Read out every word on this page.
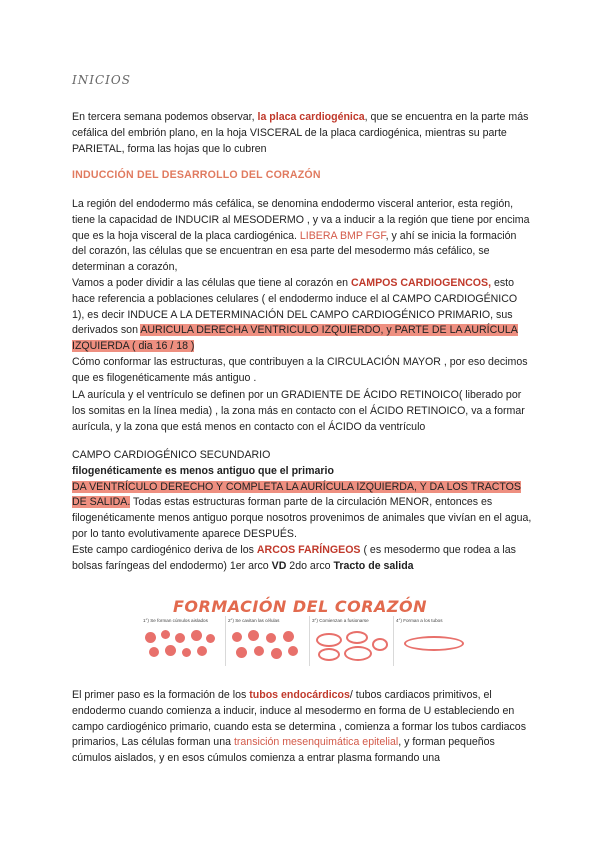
INICIOS
En tercera semana podemos observar, la placa cardiogénica, que se encuentra en la parte más cefálica del embrión plano, en la hoja VISCERAL de la placa cardiogénica, mientras su parte PARIETAL, forma las hojas que lo cubren
INDUCCIÓN DEL DESARROLLO DEL CORAZÓN
La región del endodermo más cefálica, se denomina endodermo visceral anterior, esta región, tiene la capacidad de INDUCIR al MESODERMO , y va a inducir a la región que tiene por encima que es la hoja visceral de la placa cardiogénica. LIBERA BMP FGF, y ahí se inicia la formación del corazón, las células que se encuentran en esa parte del mesodermo más cefálico, se determinan a corazón,
Vamos a poder dividir a las células que tiene al corazón en CAMPOS CARDIOGENCOS, esto hace referencia a poblaciones celulares ( el endodermo induce el al CAMPO CARDIOGÉNICO 1), es decir INDUCE A LA DETERMINACIÓN DEL CAMPO CARDIOGÉNICO PRIMARIO, sus derivados son AURICULA DERECHA VENTRICULO IZQUIERDO, y PARTE DE LA AURÍCULA IZQUIERDA ( dia 16 / 18 )
Cómo conformar las estructuras, que contribuyen a la CIRCULACIÓN MAYOR , por eso decimos que es filogenéticamente más antiguo .
LA aurícula y el ventrículo se definen por un GRADIENTE DE ÁCIDO RETINOICO( liberado por los somitas en la línea media) , la zona más en contacto con el ÁCIDO RETINOICO, va a formar aurícula, y la zona que está menos en contacto con el ÁCIDO da ventrículo
CAMPO CARDIOGÉNICO SECUNDARIO
filogenéticamente es menos antiguo que el primario
DA VENTRÍCULO DERECHO Y COMPLETA LA AURÍCULA IZQUIERDA, Y DA LOS TRACTOS DE SALIDA. Todas estas estructuras forman parte de la circulación MENOR, entonces es filogenéticamente menos antiguo porque nosotros provenimos de animales que vivían en el agua, por lo tanto evolutivamente aparece DESPUÉS.
Este campo cardiogénico deriva de los ARCOS FARÍNGEOS ( es mesodermo que rodea a las bolsas faríngeas del endodermo) 1er arco VD 2do arco Tracto de salida
FORMACIÓN DEL CORAZÓN
1°) Se forman cúmulos aislados	2°) Se cavitan las células	3°) Comienzan a fusionarse	4°) Forman a los tubos
El primer paso es la formación de los tubos endocárdicos/ tubos cardiacos primitivos, el endodermo cuando comienza a inducir, induce al mesodermo en forma de U estableciendo en campo cardiogénico primario, cuando esta se determina , comienza a formar los tubos cardiacos primarios, Las células forman una transición mesenquimática epitelial, y forman pequeños cúmulos aislados, y en esos cúmulos comienza a entrar plasma formando una
